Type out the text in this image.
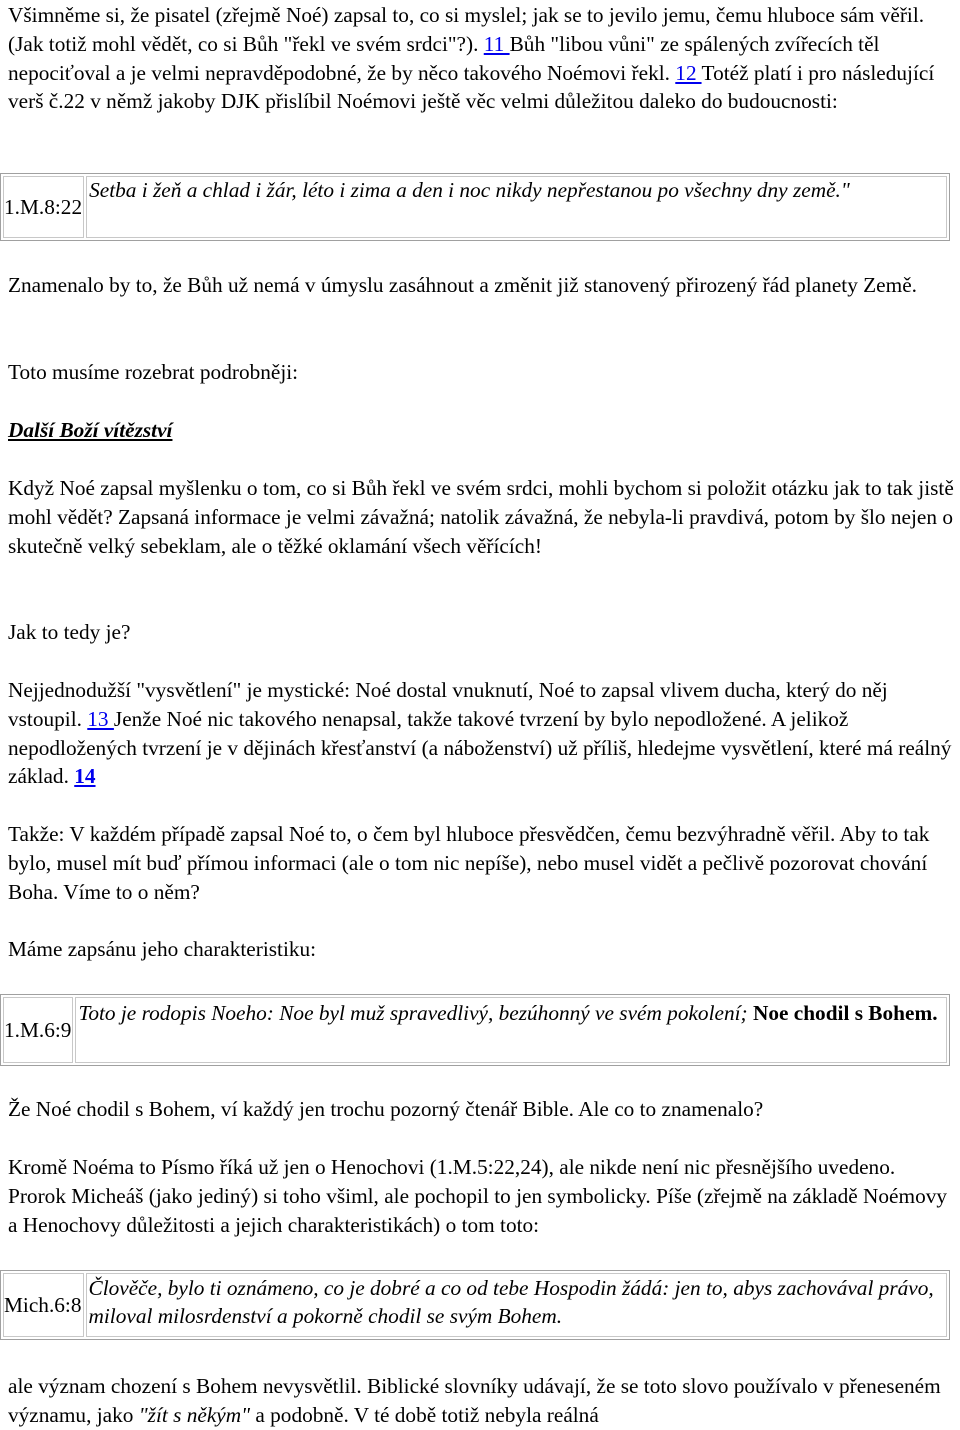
Všimněme si, že pisatel (zřejmě Noé) zapsal to, co si myslel; jak se to jevilo jemu, čemu hluboce sám věřil. (Jak totiž mohl vědět, co si Bůh "řekl ve svém srdci"?). 11 Bůh "libou vůni" ze spálených zvířecích těl nepociťoval a je velmi nepravděpodobné, že by něco takového Noémovi řekl. 12 Totéž platí i pro následující verš č.22 v němž jakoby DJK přislíbil Noémovi ještě věc velmi důležitou daleko do budoucnosti:

1.M.8:22
Setba i žeň a chlad i žár, léto i zima a den i noc nikdy nepřestanou po všechny dny země."

Znamenalo by to, že Bůh už nemá v úmyslu zasáhnout a změnit již stanovený přirozený řád planety Země.

Toto musíme rozebrat podrobněji:

Další Boží vítězství

Když Noé zapsal myšlenku o tom, co si Bůh řekl ve svém srdci, mohli bychom si položit otázku jak to tak jistě mohl vědět? Zapsaná informace je velmi závažná; natolik závažná, že nebyla-li pravdivá, potom by šlo nejen o skutečně velký sebeklam, ale o těžké oklamání všech věřících!

Jak to tedy je?

Nejjednodužší "vysvětlení" je mystické: Noé dostal vnuknutí, Noé to zapsal vlivem ducha, který do něj vstoupil. 13 Jenže Noé nic takového nenapsal, takže takové tvrzení by bylo nepodložené. A jelikož nepodložených tvrzení je v dějinách křesťanství (a náboženství) už příliš, hledejme vysvětlení, které má reálný základ. 14

Takže: V každém případě zapsal Noé to, o čem byl hluboce přesvědčen, čemu bezvýhradně věřil. Aby to tak bylo, musel mít buď přímou informaci (ale o tom nic nepíše), nebo musel vidět a pečlivě pozorovat chování Boha. Víme to o něm?

Máme zapsánu jeho charakteristiku:

1.M.6:9
Toto je rodopis Noeho: Noe byl muž spravedlivý, bezúhonný ve svém pokolení; Noe chodil s Bohem.

Že Noé chodil s Bohem, ví každý jen trochu pozorný čtenář Bible. Ale co to znamenalo?

Kromě Noéma to Písmo říká už jen o Henochovi (1.M.5:22,24), ale nikde není nic přesnějšího uvedeno. Prorok Micheáš (jako jediný) si toho všiml, ale pochopil to jen symbolicky. Píše (zřejmě na základě Noémovy a Henochovy důležitosti a jejich charakteristikách) o tom toto:

Mich.6:8
Člověče, bylo ti oznámeno, co je dobré a co od tebe Hospodin žádá: jen to, abys zachovával právo, miloval milosrdenství a pokorně chodil se svým Bohem.

ale význam chození s Bohem nevysvětlil. Biblické slovníky udávají, že se toto slovo používalo v přeneseném významu, jako "žít s někým" a podobně. V té době totiž nebyla reálná
